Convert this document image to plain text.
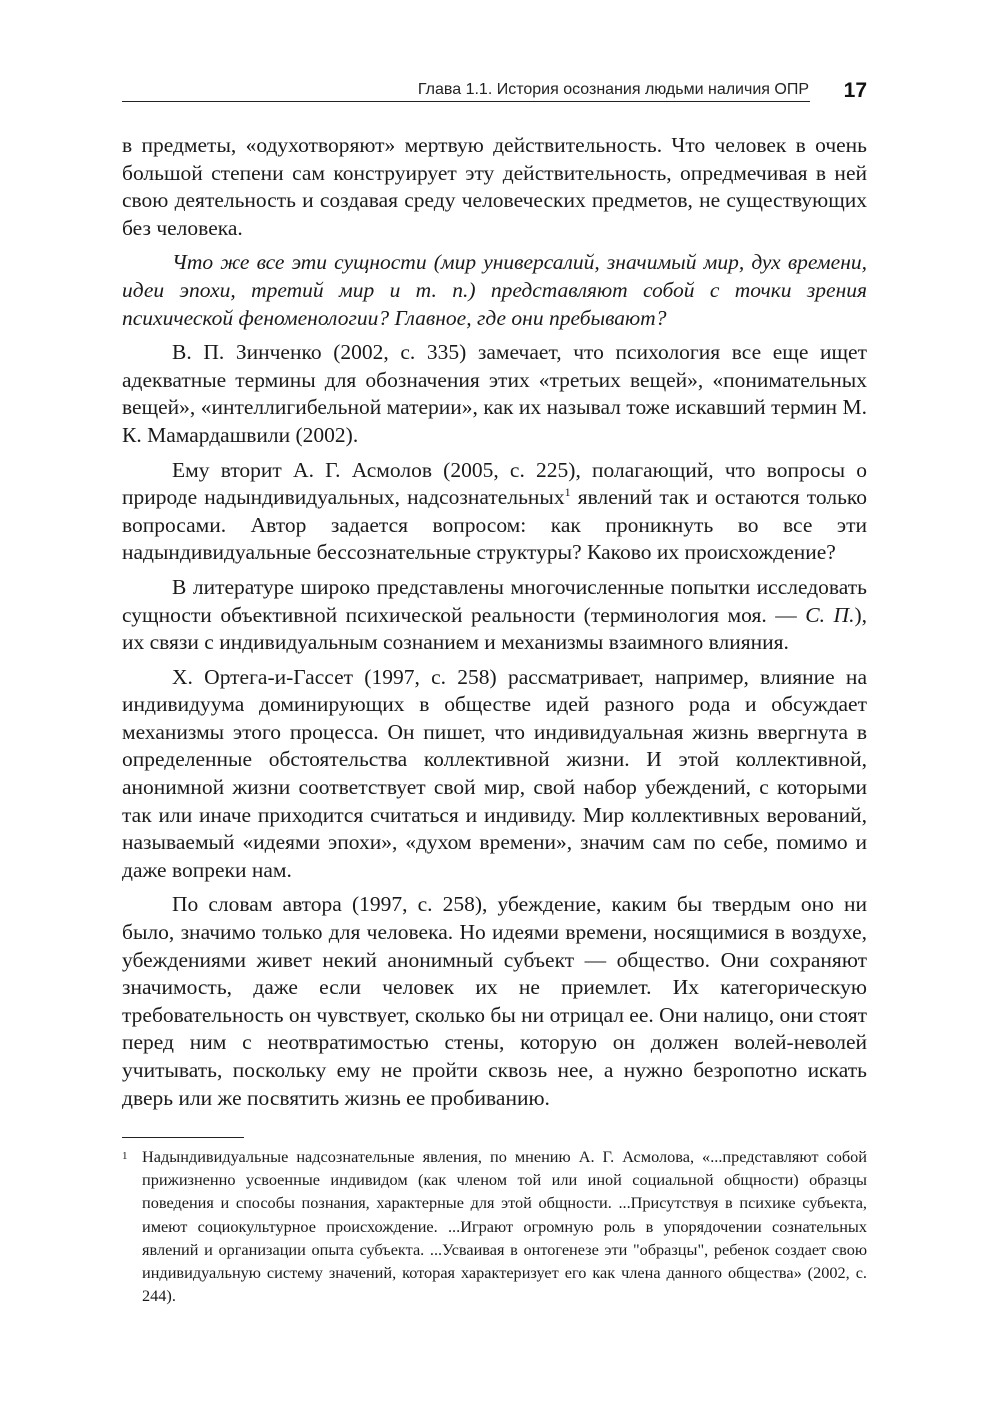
Глава 1.1. История осознания людьми наличия ОПР 17

в предметы, «одухотворяют» мертвую действительность. Что человек в очень большой степени сам конструирует эту действительность, опредмечивая в ней свою деятельность и создавая среду человеческих предметов, не существующих без человека.

Что же все эти сущности (мир универсалий, значимый мир, дух времени, идеи эпохи, третий мир и т. п.) представляют собой с точки зрения психической феноменологии? Главное, где они пребывают?

В. П. Зинченко (2002, с. 335) замечает, что психология все еще ищет адекватные термины для обозначения этих «третьих вещей», «понимательных вещей», «интеллигибельной материи», как их называл тоже искавший термин М. К. Мамардашвили (2002).

Ему вторит А. Г. Асмолов (2005, с. 225), полагающий, что вопросы о природе надындивидуальных, надсознательных$^1$ явлений так и остаются только вопросами. Автор задается вопросом: как проникнуть во все эти надындивидуальные бессознательные структуры? Каково их происхождение?

В литературе широко представлены многочисленные попытки исследовать сущности объективной психической реальности (терминология моя. — С. П.), их связи с индивидуальным сознанием и механизмы взаимного влияния.

Х. Ортега-и-Гассет (1997, с. 258) рассматривает, например, влияние на индивидуума доминирующих в обществе идей разного рода и обсуждает механизмы этого процесса. Он пишет, что индивидуальная жизнь ввергнута в определенные обстоятельства коллективной жизни. И этой коллективной, анонимной жизни соответствует свой мир, свой набор убеждений, с которыми так или иначе приходится считаться и индивиду. Мир коллективных верований, называемый «идеями эпохи», «духом времени», значим сам по себе, помимо и даже вопреки нам.

По словам автора (1997, с. 258), убеждение, каким бы твердым оно ни было, значимо только для человека. Но идеями времени, носящимися в воздухе, убеждениями живет некий анонимный субъект — общество. Они сохраняют значимость, даже если человек их не приемлет. Их категорическую требовательность он чувствует, сколько бы ни отрицал ее. Они налицо, они стоят перед ним с неотвратимостью стены, которую он должен волей-неволей учитывать, поскольку ему не пройти сквозь нее, а нужно безропотно искать дверь или же посвятить жизнь ее пробиванию.

1 Надындивидуальные надсознательные явления, по мнению А. Г. Асмолова, «...представляют собой прижизненно усвоенные индивидом (как членом той или иной социальной общности) образцы поведения и способы познания, характерные для этой общности. ...Присутствуя в психике субъекта, имеют социокультурное происхождение. ...Играют огромную роль в упорядочении сознательных явлений и организации опыта субъекта. ...Усваивая в онтогенезе эти "образцы", ребенок создает свою индивидуальную систему значений, которая характеризует его как члена данного общества» (2002, с. 244).
